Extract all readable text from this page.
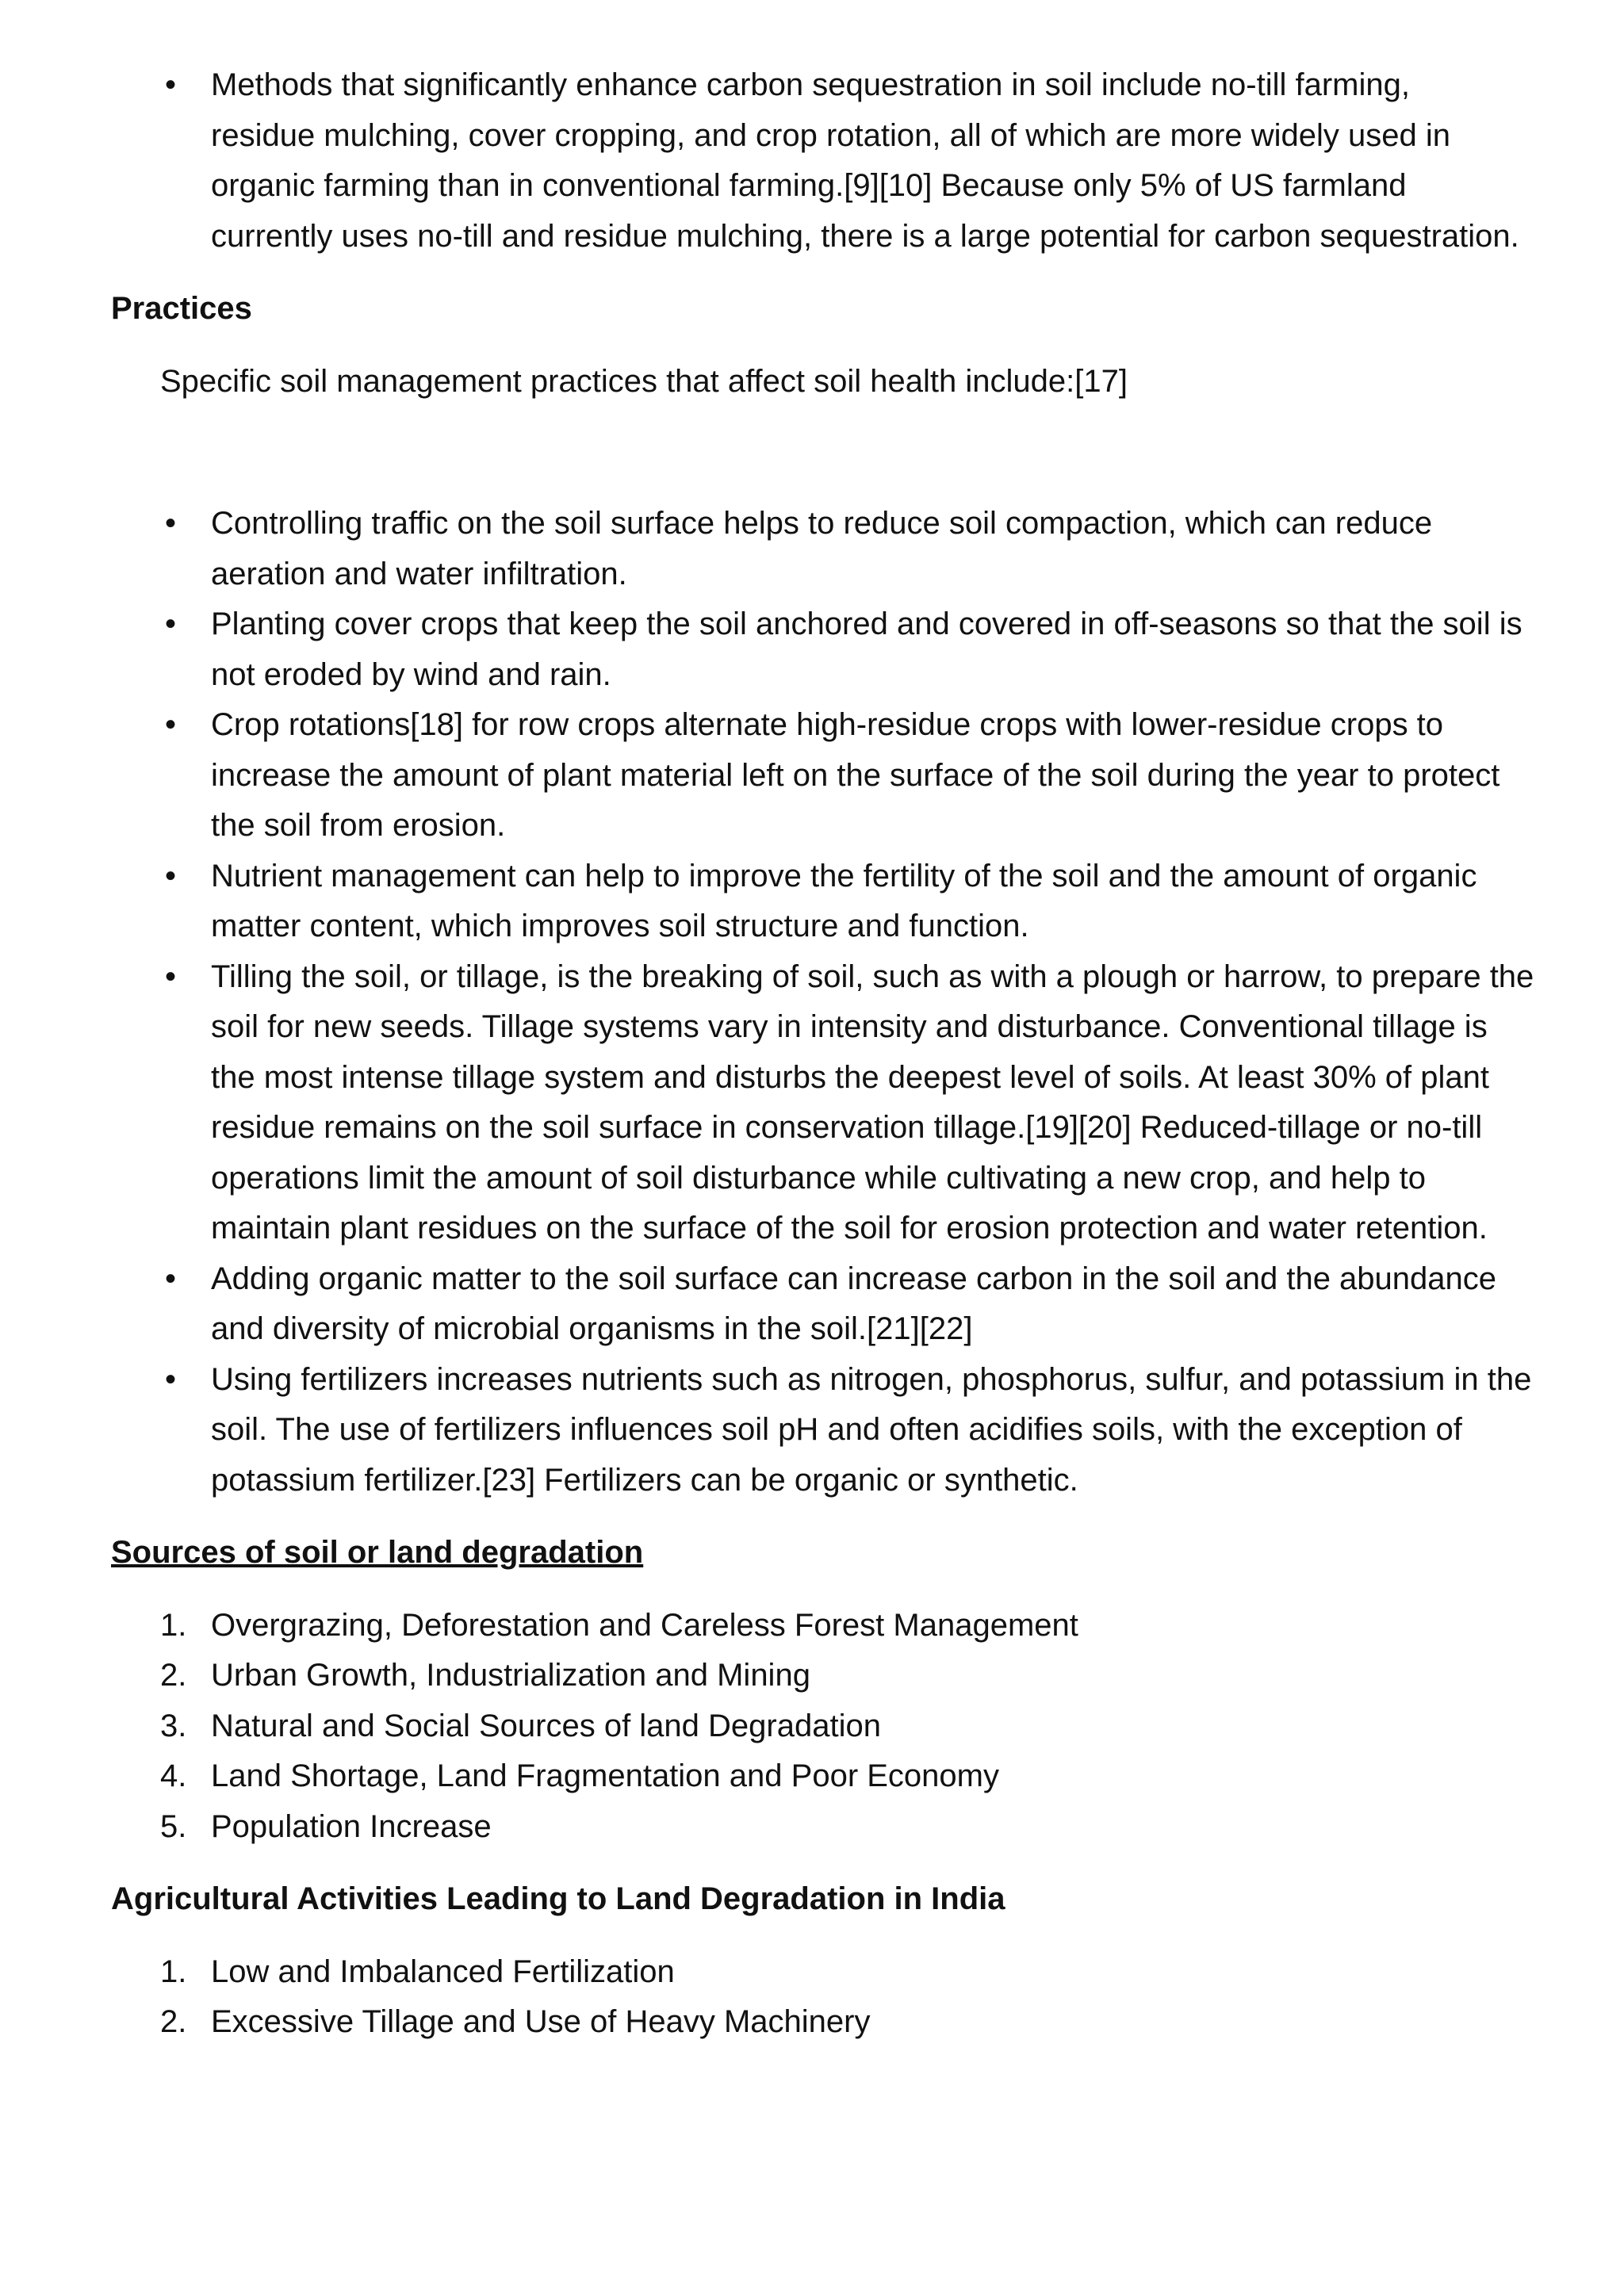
• Methods that significantly enhance carbon sequestration in soil include no-till farming, residue mulching, cover cropping, and crop rotation, all of which are more widely used in organic farming than in conventional farming.[9][10] Because only 5% of US farmland currently uses no-till and residue mulching, there is a large potential for carbon sequestration.
Practices

Specific soil management practices that affect soil health include:[17]

• Controlling traffic on the soil surface helps to reduce soil compaction, which can reduce aeration and water infiltration.
• Planting cover crops that keep the soil anchored and covered in off-seasons so that the soil is not eroded by wind and rain.
• Crop rotations[18] for row crops alternate high-residue crops with lower-residue crops to increase the amount of plant material left on the surface of the soil during the year to protect the soil from erosion.
• Nutrient management can help to improve the fertility of the soil and the amount of organic matter content, which improves soil structure and function.
• Tilling the soil, or tillage, is the breaking of soil, such as with a plough or harrow, to prepare the soil for new seeds. Tillage systems vary in intensity and disturbance. Conventional tillage is the most intense tillage system and disturbs the deepest level of soils. At least 30% of plant residue remains on the soil surface in conservation tillage.[19][20] Reduced-tillage or no-till operations limit the amount of soil disturbance while cultivating a new crop, and help to maintain plant residues on the surface of the soil for erosion protection and water retention.
• Adding organic matter to the soil surface can increase carbon in the soil and the abundance and diversity of microbial organisms in the soil.[21][22]
• Using fertilizers increases nutrients such as nitrogen, phosphorus, sulfur, and potassium in the soil. The use of fertilizers influences soil pH and often acidifies soils, with the exception of potassium fertilizer.[23] Fertilizers can be organic or synthetic.
Sources of soil or land degradation
1. Overgrazing, Deforestation and Careless Forest Management
2. Urban Growth, Industrialization and Mining
3. Natural and Social Sources of land Degradation
4. Land Shortage, Land Fragmentation and Poor Economy
5. Population Increase
Agricultural Activities Leading to Land Degradation in India
1. Low and Imbalanced Fertilization
2. Excessive Tillage and Use of Heavy Machinery
